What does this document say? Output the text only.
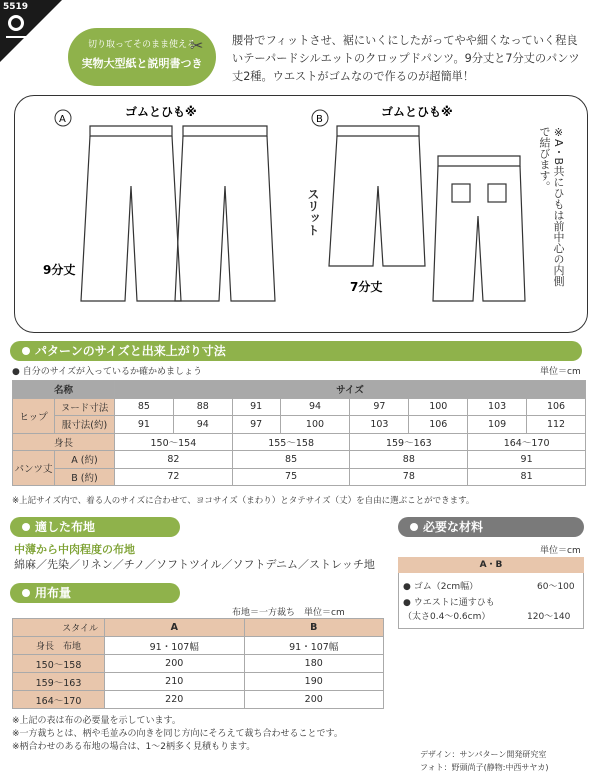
5519
切り取ってそのまま使える
実物大型紙と説明書つき
✂	腰骨でフィットさせ、裾にいくにしたがってやや細くなっていく程良いテーパードシルエットのクロップドパンツ。9分丈と7分丈のパンツ丈2種。ウエストがゴムなので作るのが超簡単！
A	B
ゴムとひも※	ゴムとひも※
9分丈
7分丈
スリット	※A・B共にひもは前中心の内側で結びます。
パターンのサイズと出来上がり寸法
● 自分のサイズが入っているか確かめましょう	単位＝cm
名称		サイズ							
ヒップ	ヌード寸法	85	88	91	94	97	100	103	106
	服寸法(約)	91	94	97	100	103	106	109	112
身長		150〜154		155〜158		159〜163		164〜170	
パンツ丈	A (約)	82		85		88		91	
	B (約)	72		75		78		81	
※上記サイズ内で、着る人のサイズに合わせて、ヨコサイズ（まわり）とタテサイズ（丈）を自由に選ぶことができます。
適した布地
中薄から中肉程度の布地
綿麻／先染／リネン／チノ／ソフトツイル／ソフトデニム／ストレッチ地
必要な材料
単位＝cm
A・B
● ゴム（2cm幅）	60〜100
● ウエストに通すひも
（太さ0.4〜0.6cm）	120〜140
用布量
布地＝一方裁ち　単位＝cm
スタイル	A	B
身長　 布地	91・107幅	91・107幅
150〜158	200	180
159〜163	210	190
164〜170	220	200
※上記の表は布の必要量を示しています。
※一方裁ちとは、柄や毛並みの向きを同じ方向にそろえて裁ち合わせることです。
※柄合わせのある布地の場合は、1〜2柄多く見積もります。
デザイン：サンパターン開発研究室
フォト：野頭尚子(静物:中西サヤカ)
